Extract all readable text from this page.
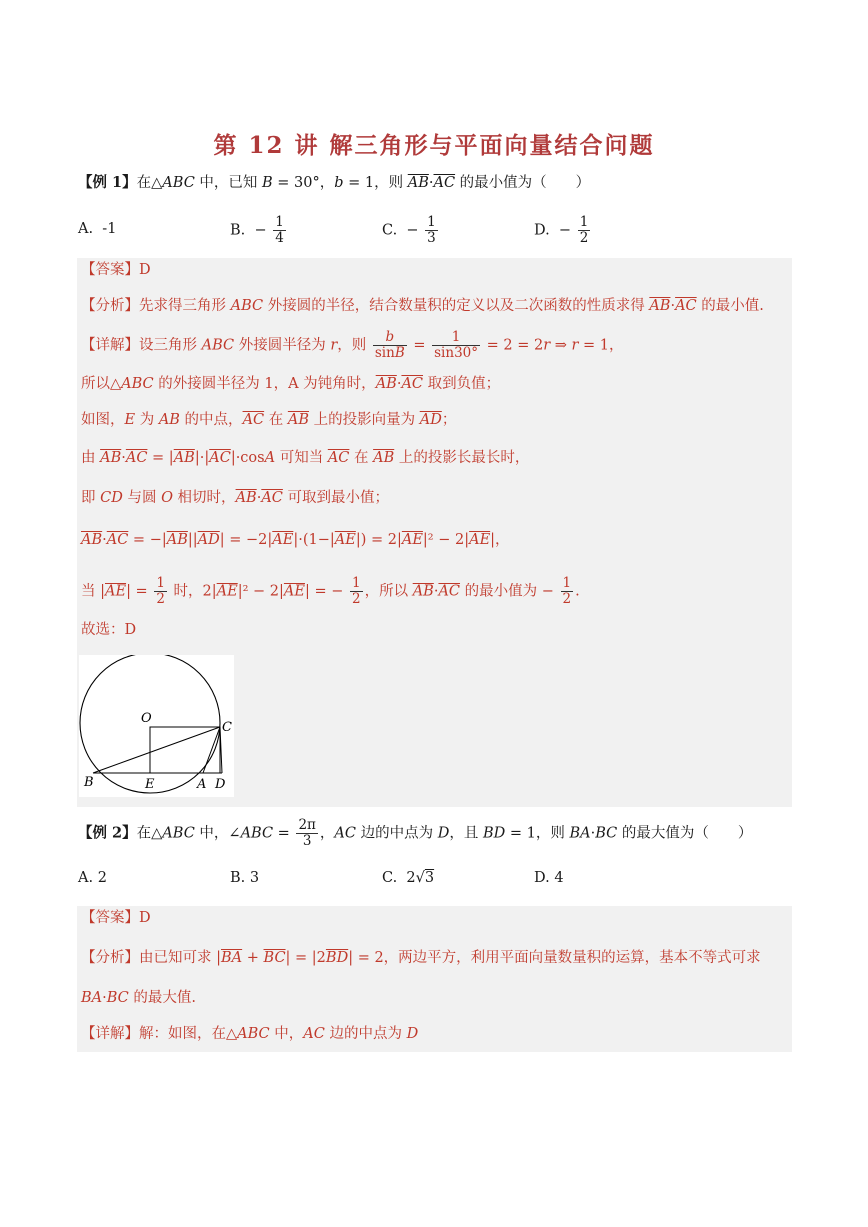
第 12 讲 解三角形与平面向量结合问题
【例 1】在△ABC 中，已知 B = 30°，b = 1，则 $\overline{AB}\cdot\overline{AC}$ 的最小值为（　　）
A.  -1	B.  − $\frac{1}{4}$	C.  − $\frac{1}{3}$	D.  − $\frac{1}{2}$
【答案】D
【分析】先求得三角形 ABC 外接圆的半径，结合数量积的定义以及二次函数的性质求得 $\overline{AB}\cdot\overline{AC}$ 的最小值.
【详解】设三角形 ABC 外接圆半径为 r，则 $\frac{b}{\sin B} = \frac{1}{\sin 30^\circ} = 2 = 2r$ ⇒ r = 1，
所以△ABC 的外接圆半径为 1，A 为钝角时，$\overline{AB}\cdot\overline{AC}$ 取到负值；
如图，E 为 AB 的中点，$\overline{AC}$ 在 $\overline{AB}$ 上的投影向量为 $\overline{AD}$；
由 $\overline{AB}\cdot\overline{AC} = |\overline{AB}|\cdot|\overline{AC}|\cdot\cos A$ 可知当 $\overline{AC}$ 在 $\overline{AB}$ 上的投影长最长时，
即 CD 与圆 O 相切时，$\overline{AB}\cdot\overline{AC}$ 可取到最小值；
$\overline{AB}\cdot\overline{AC} = -|\overline{AB}||\overline{AD}| = -2|\overline{AE}|\cdot(1-|\overline{AE}|) = 2|\overline{AE}|^2 - 2|\overline{AE}|$，
当 $|\overline{AE}| = \frac{1}{2}$ 时，$2|\overline{AE}|^2 - 2|\overline{AE}|$ = − $\frac{1}{2}$ ，所以 $\overline{AB}\cdot\overline{AC}$ 的最小值为 − $\frac{1}{2}$ .
故选：D
O
C
B	E	A D
【例 2】在△ABC 中，∠ABC = $\frac{2\pi}{3}$ ，AC 边的中点为 D，且 BD = 1，则 BA·BC 的最大值为（　　）
A. 2	B. 3	C.  2√3	D. 4
【答案】D
【分析】由已知可求 $|\overline{BA} + \overline{BC}| = |2\overline{BD}| = 2$，两边平方，利用平面向量数量积的运算，基本不等式可求
BA·BC 的最大值.
【详解】解：如图，在△ABC 中，AC 边的中点为 D
